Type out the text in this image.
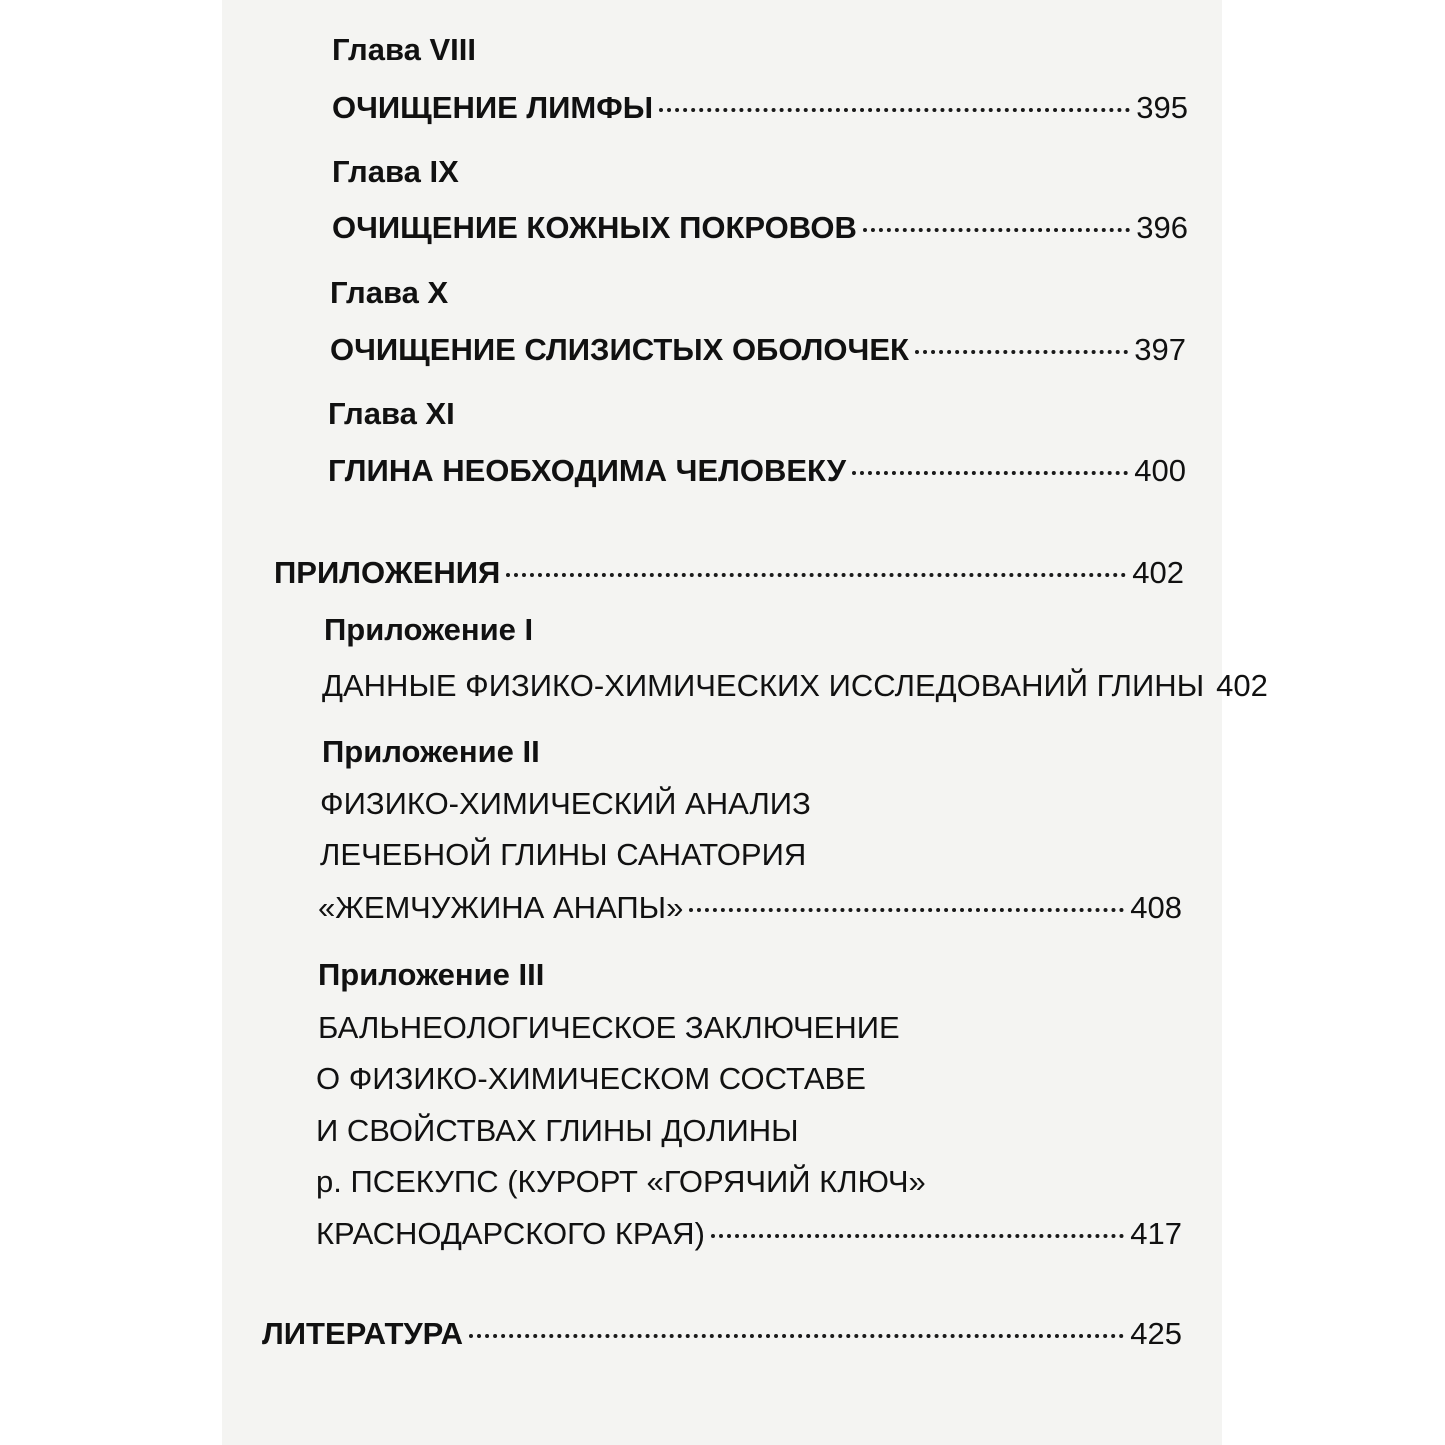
Глава VIII
ОЧИЩЕНИЕ ЛИМФЫ	395
Глава IX
ОЧИЩЕНИЕ КОЖНЫХ ПОКРОВОВ	396
Глава X
ОЧИЩЕНИЕ СЛИЗИСТЫХ ОБОЛОЧЕК	397
Глава XI
ГЛИНА НЕОБХОДИМА ЧЕЛОВЕКУ	400
ПРИЛОЖЕНИЯ	402
Приложение I
ДАННЫЕ ФИЗИКО-ХИМИЧЕСКИХ ИССЛЕДОВАНИЙ ГЛИНЫ 402
Приложение II
ФИЗИКО-ХИМИЧЕСКИЙ АНАЛИЗ
ЛЕЧЕБНОЙ ГЛИНЫ САНАТОРИЯ
«ЖЕМЧУЖИНА АНАПЫ»	408
Приложение III
БАЛЬНЕОЛОГИЧЕСКОЕ ЗАКЛЮЧЕНИЕ
О ФИЗИКО-ХИМИЧЕСКОМ СОСТАВЕ
И СВОЙСТВАХ ГЛИНЫ ДОЛИНЫ
р. ПСЕКУПС (КУРОРТ «ГОРЯЧИЙ КЛЮЧ»
КРАСНОДАРСКОГО КРАЯ)	417
ЛИТЕРАТУРА	425
